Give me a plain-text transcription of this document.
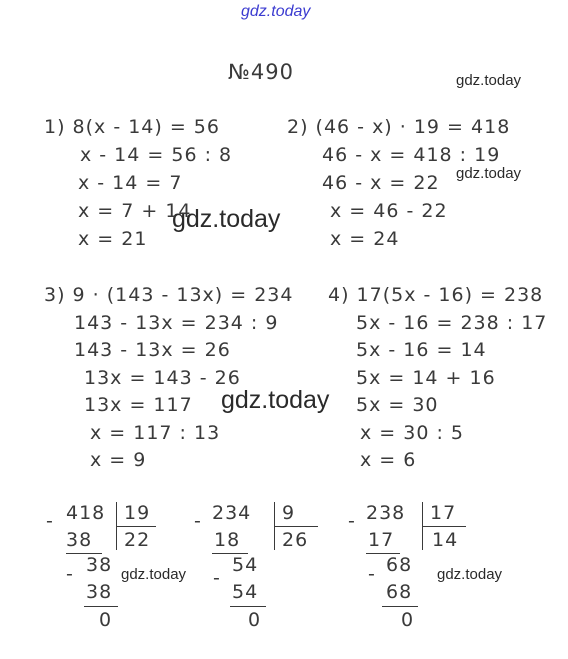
gdz.today
gdz.today
gdz.today
gdz.today
gdz.today
gdz.today	gdz.today
№490
1) 8(x - 14) = 56
x - 14 = 56 : 8
x - 14 = 7
x = 7 + 14
x = 21
2) (46 - x) · 19 = 418
46 - x = 418 : 19
46 - x = 22
x = 46 - 22
x = 24
3) 9 · (143 - 13x) = 234
143 - 13x = 234 : 9
143 - 13x = 26
13x = 143 - 26
13x = 117
x = 117 : 13
x = 9
4) 17(5x - 16) = 238
5x - 16 = 238 : 17
5x - 16 = 14
5x = 14 + 16
5x = 30
x = 30 : 5
x = 6
- 418 19
38 22
- 38
38
0
- 234 9
18 26
-
54
54
0
- 238 17
17 14
- 68
68
0
